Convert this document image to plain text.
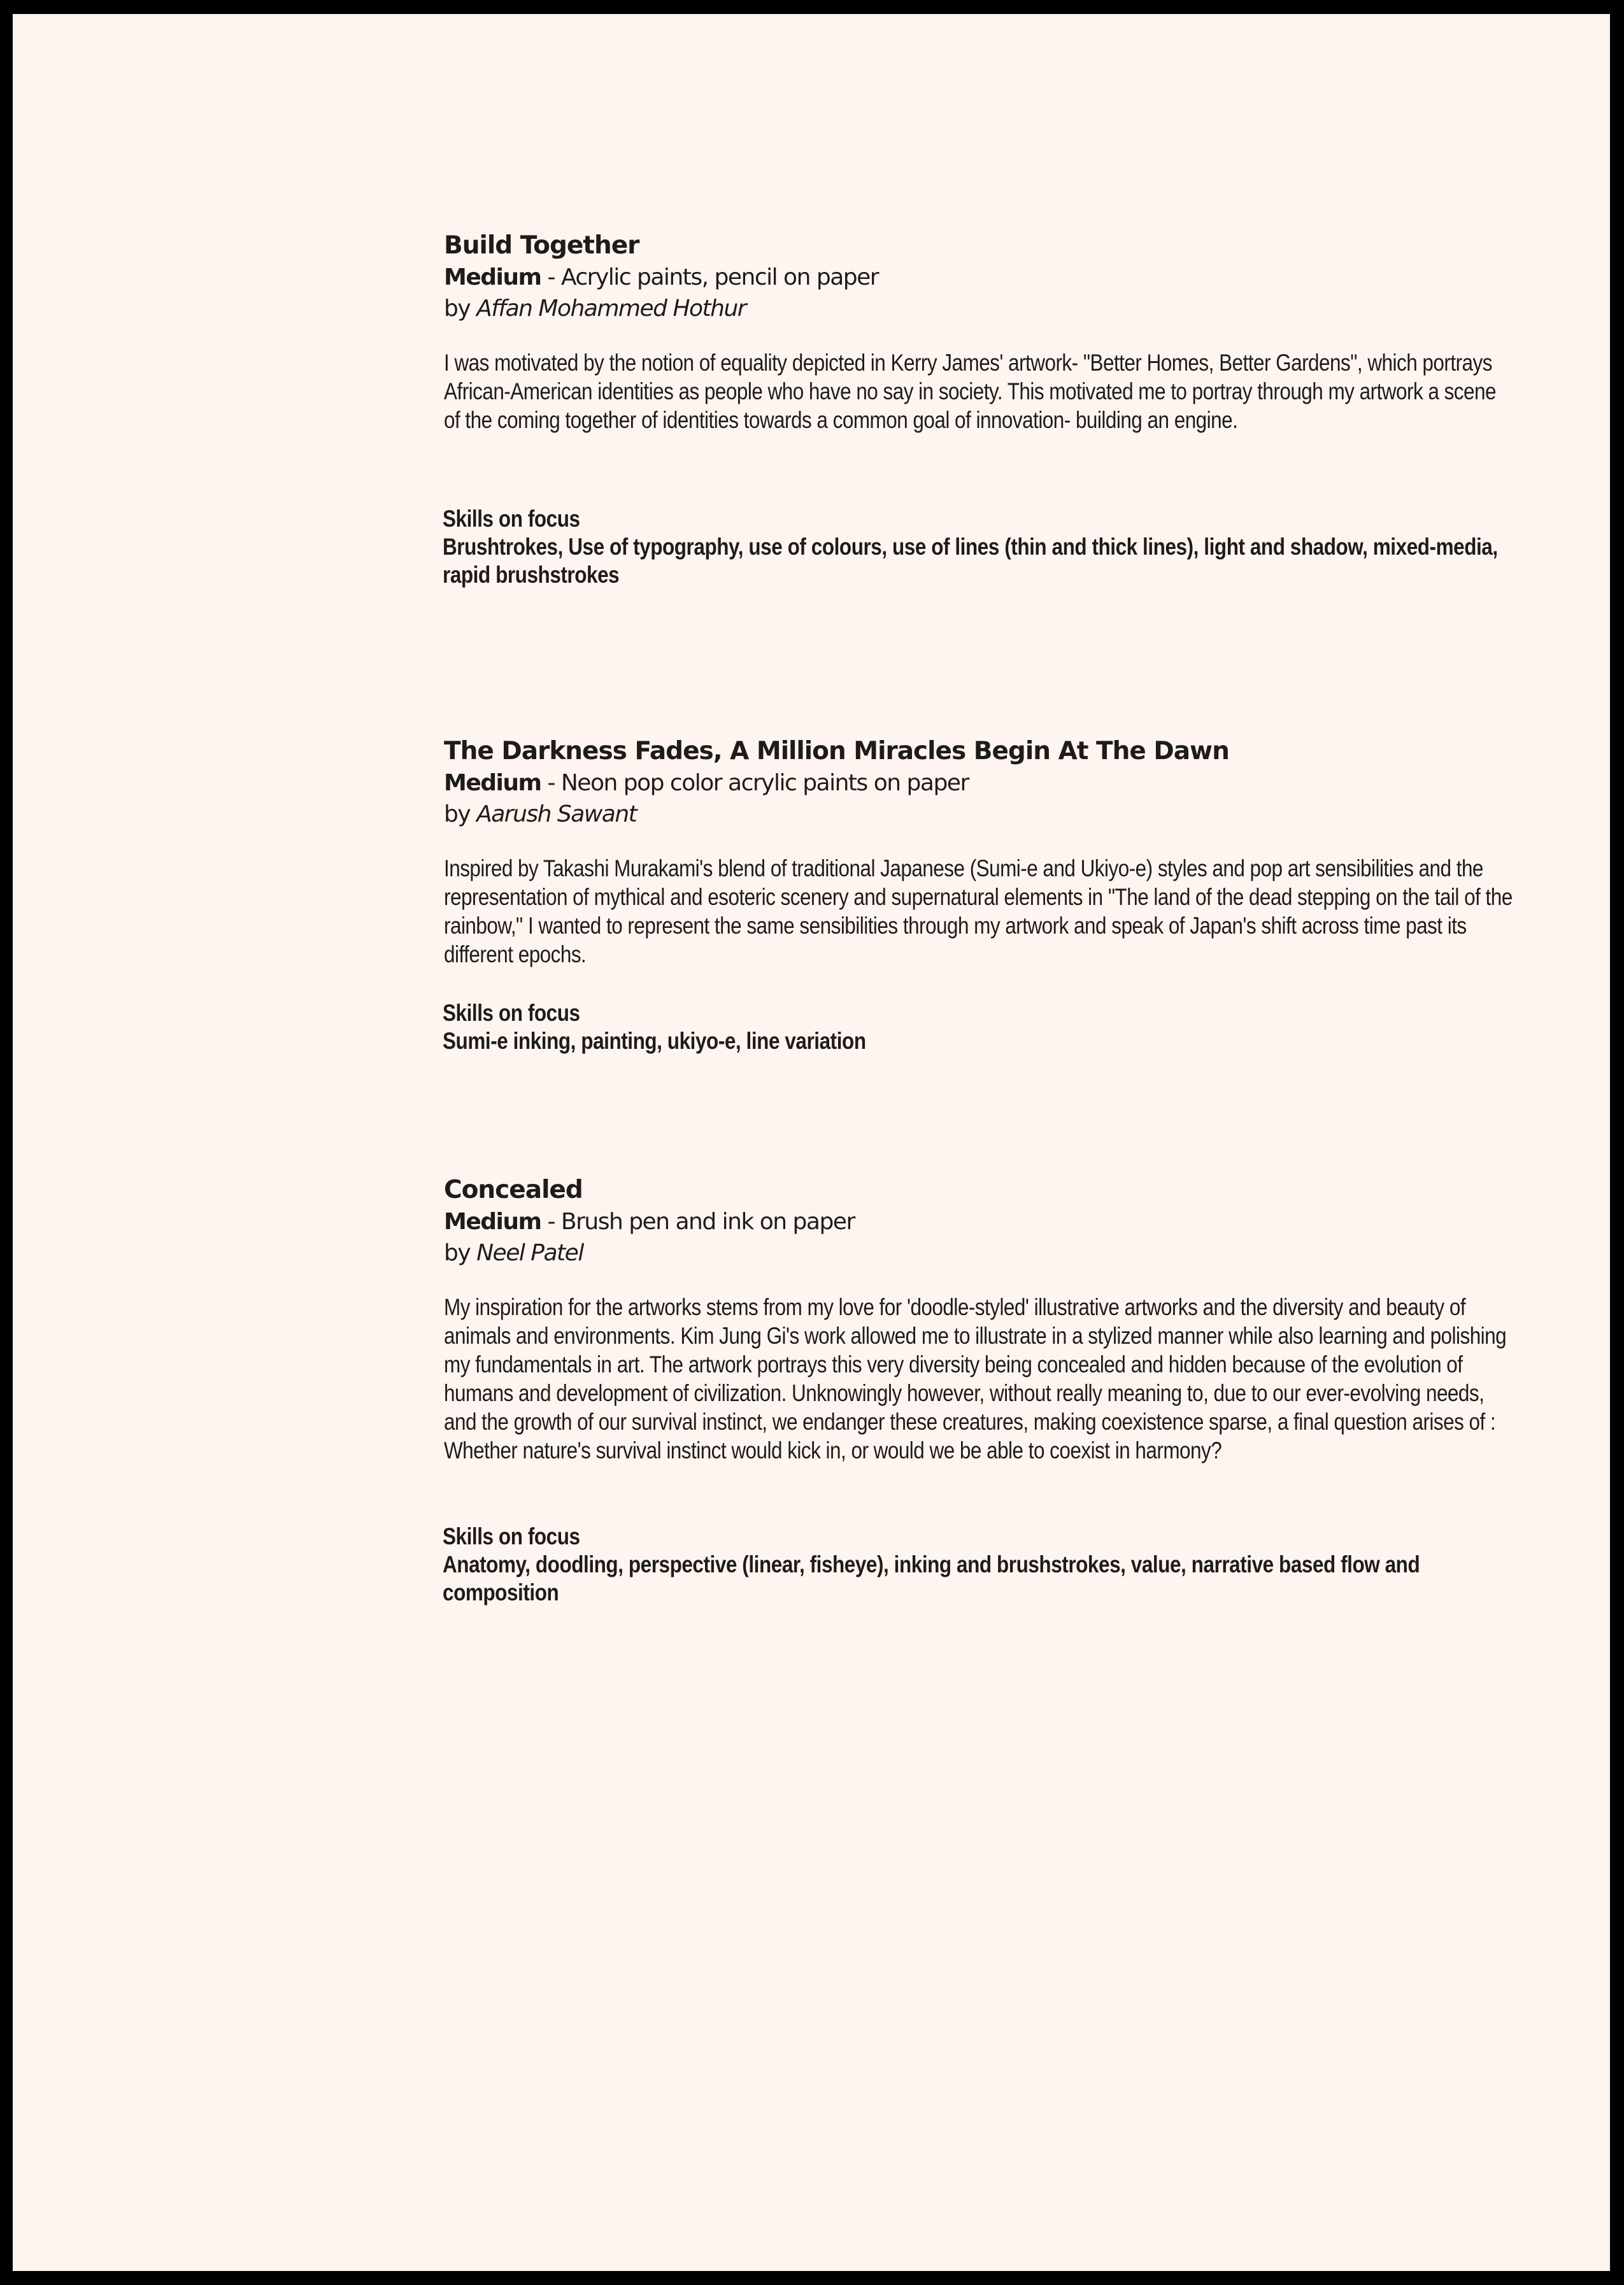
Build Together

Medium - Acrylic paints, pencil on paper

by Affan Mohammed Hothur

I was motivated by the notion of equality depicted in Kerry James' artwork- "Better Homes, Better Gardens", which portrays African-American identities as people who have no say in society. This motivated me to portray through my artwork a scene of the coming together of identities towards a common goal of innovation- building an engine.

Skills on focus

Brushtrokes, Use of typography, use of colours, use of lines (thin and thick lines), light and shadow, mixed-media, rapid brushstrokes

The Darkness Fades, A Million Miracles Begin At The Dawn

Medium - Neon pop color acrylic paints on paper

by Aarush Sawant

Inspired by Takashi Murakami's blend of traditional Japanese (Sumi-e and Ukiyo-e) styles and pop art sensibilities and the representation of mythical and esoteric scenery and supernatural elements in "The land of the dead stepping on the tail of the rainbow," I wanted to represent the same sensibilities through my artwork and speak of Japan's shift across time past its different epochs.

Skills on focus

Sumi-e inking, painting, ukiyo-e, line variation

Concealed

Medium - Brush pen and ink on paper

by Neel Patel

My inspiration for the artworks stems from my love for 'doodle-styled' illustrative artworks and the diversity and beauty of animals and environments. Kim Jung Gi's work allowed me to illustrate in a stylized manner while also learning and polishing my fundamentals in art. The artwork portrays this very diversity being concealed and hidden because of the evolution of humans and development of civilization. Unknowingly however, without really meaning to, due to our ever-evolving needs, and the growth of our survival instinct, we endanger these creatures, making coexistence sparse, a final question arises of : Whether nature's survival instinct would kick in, or would we be able to coexist in harmony?

Skills on focus

Anatomy, doodling, perspective (linear, fisheye), inking and brushstrokes, value, narrative based flow and composition
